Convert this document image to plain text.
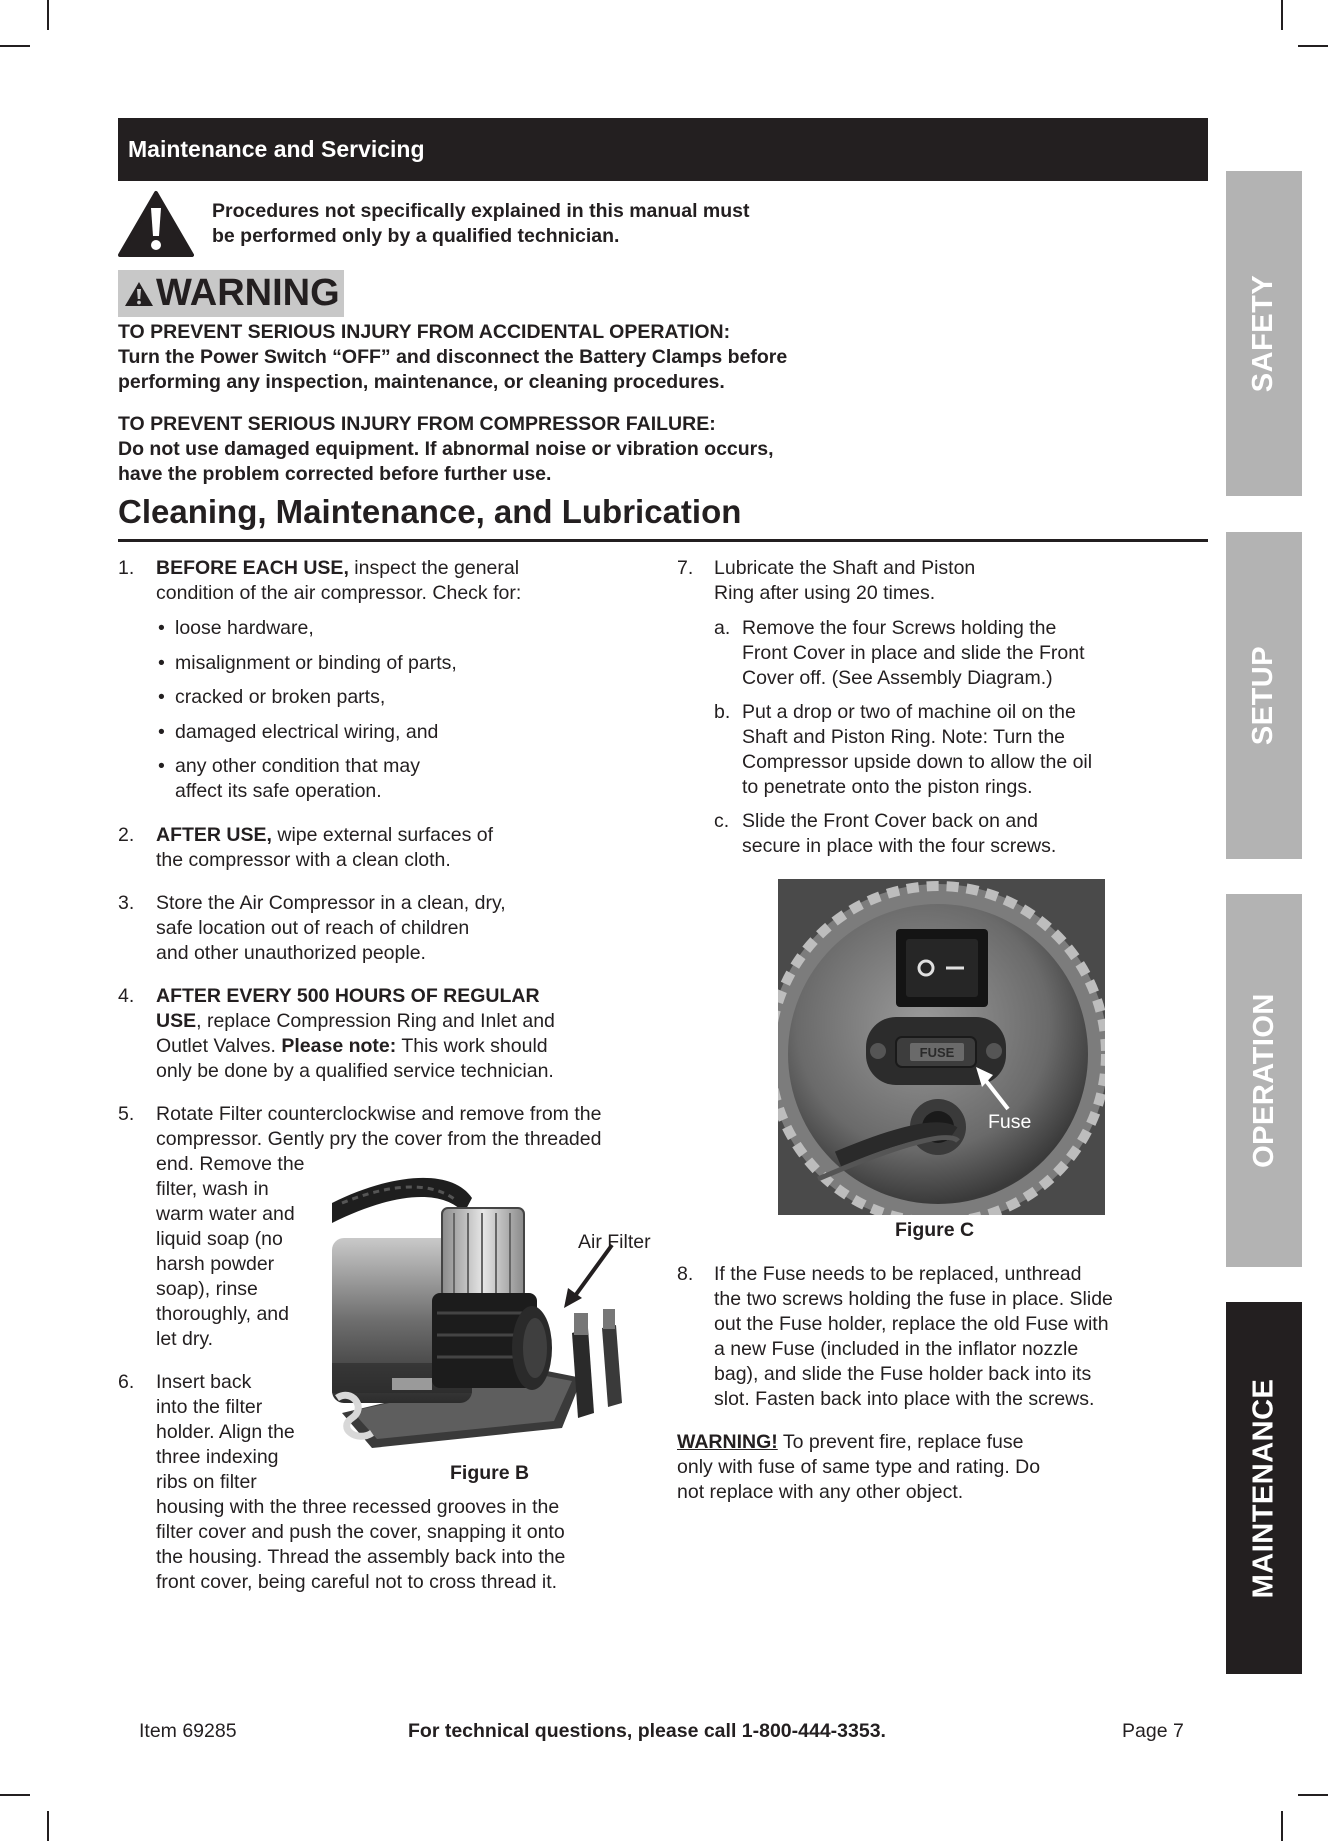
Maintenance and Servicing
SAFETY
SETUP
OPERATION
MAINTENANCE
Procedures not specifically explained in this manual must
be performed only by a qualified technician.
WARNING
TO PREVENT SERIOUS INJURY FROM ACCIDENTAL OPERATION:
Turn the Power Switch “OFF” and disconnect the Battery Clamps before
performing any inspection, maintenance, or cleaning procedures.
TO PREVENT SERIOUS INJURY FROM COMPRESSOR FAILURE:
Do not use damaged equipment. If abnormal noise or vibration occurs,
have the problem corrected before further use.
Cleaning, Maintenance, and Lubrication
1. BEFORE EACH USE, inspect the general
condition of the air compressor. Check for:
• loose hardware,
• misalignment or binding of parts,
• cracked or broken parts,
• damaged electrical wiring, and
• any other condition that may
affect its safe operation.
2. AFTER USE, wipe external surfaces of
the compressor with a clean cloth.
3. Store the Air Compressor in a clean, dry,
safe location out of reach of children
and other unauthorized people.
4. AFTER EVERY 500 HOURS OF REGULAR
USE, replace Compression Ring and Inlet and
Outlet Valves. Please note: This work should
only be done by a qualified service technician.
5. Rotate Filter counterclockwise and remove from the
compressor. Gently pry the cover from the threaded
end. Remove the
filter, wash in
warm water and
liquid soap (no
harsh powder
soap), rinse
thoroughly, and
let dry.
6. Insert back
into the filter
holder. Align the
three indexing
ribs on filter
housing with the three recessed grooves in the
filter cover and push the cover, snapping it onto
the housing. Thread the assembly back into the
front cover, being careful not to cross thread it.
Air Filter
Figure B
7. Lubricate the Shaft and Piston
Ring after using 20 times.
a. Remove the four Screws holding the
Front Cover in place and slide the Front
Cover off. (See Assembly Diagram.)
b. Put a drop or two of machine oil on the
Shaft and Piston Ring. Note: Turn the
Compressor upside down to allow the oil
to penetrate onto the piston rings.
c. Slide the Front Cover back on and
secure in place with the four screws.
FUSE
Fuse
Figure C
8. If the Fuse needs to be replaced, unthread
the two screws holding the fuse in place. Slide
out the Fuse holder, replace the old Fuse with
a new Fuse (included in the inflator nozzle
bag), and slide the Fuse holder back into its
slot. Fasten back into place with the screws.
WARNING! To prevent fire, replace fuse
only with fuse of same type and rating. Do
not replace with any other object.
Item 69285	For technical questions, please call 1-800-444-3353.	Page 7
